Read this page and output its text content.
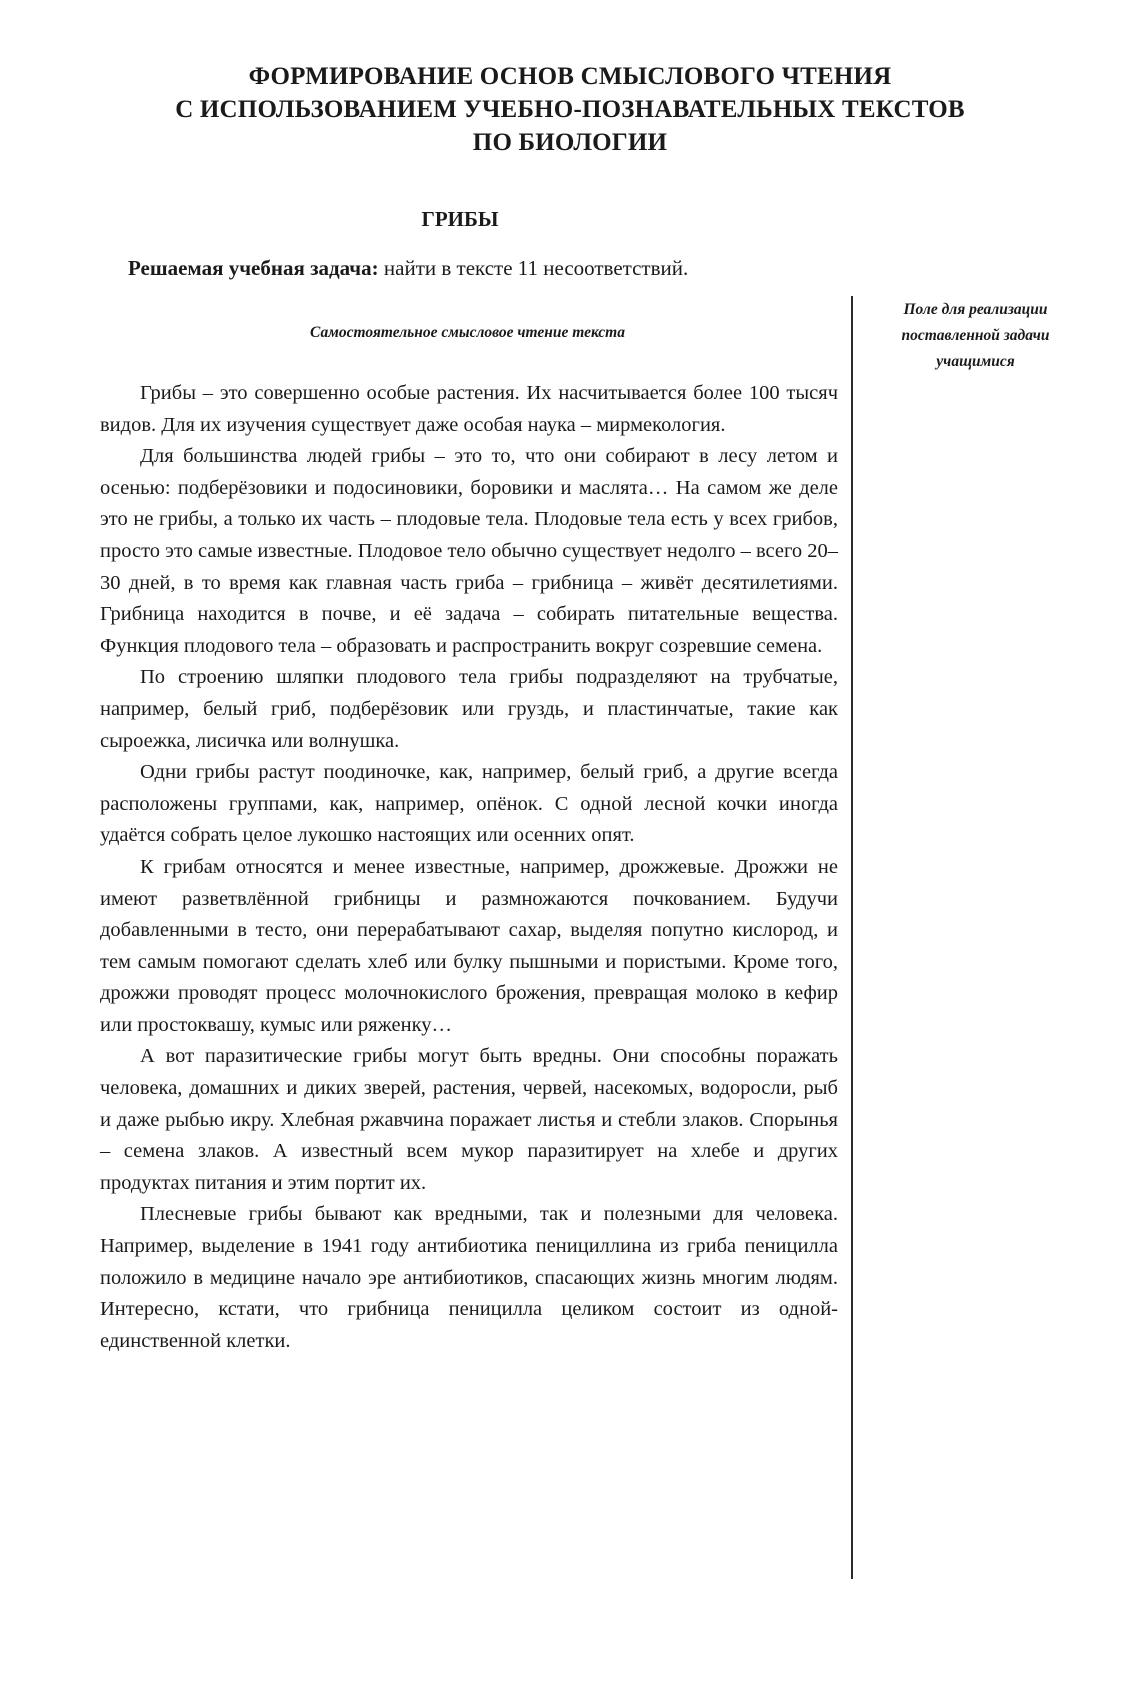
ФОРМИРОВАНИЕ ОСНОВ СМЫСЛОВОГО ЧТЕНИЯ
С ИСПОЛЬЗОВАНИЕМ УЧЕБНО-ПОЗНАВАТЕЛЬНЫХ ТЕКСТОВ
ПО БИОЛОГИИ
ГРИБЫ
Решаемая учебная задача: найти в тексте 11 несоответствий.
Поле для реализации
поставленной задачи
учащимися
Самостоятельное смысловое чтение текста

Грибы – это совершенно особые растения. Их насчитывается более 100 тысяч видов. Для их изучения существует даже особая наука – мирмекология.

Для большинства людей грибы – это то, что они собирают в лесу летом и осенью: подберёзовики и подосиновики, боровики и маслята… На самом же деле это не грибы, а только их часть – плодовые тела. Плодовые тела есть у всех грибов, просто это самые известные. Плодовое тело обычно существует недолго – всего 20–30 дней, в то время как главная часть гриба – грибница – живёт десятилетиями. Грибница находится в почве, и её задача – собирать питательные вещества. Функция плодового тела – образовать и распространить вокруг созревшие семена.

По строению шляпки плодового тела грибы подразделяют на трубчатые, например, белый гриб, подберёзовик или груздь, и пластинчатые, такие как сыроежка, лисичка или волнушка.

Одни грибы растут поодиночке, как, например, белый гриб, а другие всегда расположены группами, как, например, опёнок. С одной лесной кочки иногда удаётся собрать целое лукошко настоящих или осенних опят.

К грибам относятся и менее известные, например, дрожжевые. Дрожжи не имеют разветвлённой грибницы и размножаются почкованием. Будучи добавленными в тесто, они перерабатывают сахар, выделяя попутно кислород, и тем самым помогают сделать хлеб или булку пышными и пористыми. Кроме того, дрожжи проводят процесс молочнокислого брожения, превращая молоко в кефир или простоквашу, кумыс или ряженку…

А вот паразитические грибы могут быть вредны. Они способны поражать человека, домашних и диких зверей, растения, червей, насекомых, водоросли, рыб и даже рыбью икру. Хлебная ржавчина поражает листья и стебли злаков. Спорынья – семена злаков. А известный всем мукор паразитирует на хлебе и других продуктах питания и этим портит их.

Плесневые грибы бывают как вредными, так и полезными для человека. Например, выделение в 1941 году антибиотика пенициллина из гриба пеницилла положило в медицине начало эре антибиотиков, спасающих жизнь многим людям. Интересно, кстати, что грибница пеницилла целиком состоит из одной-единственной клетки.
